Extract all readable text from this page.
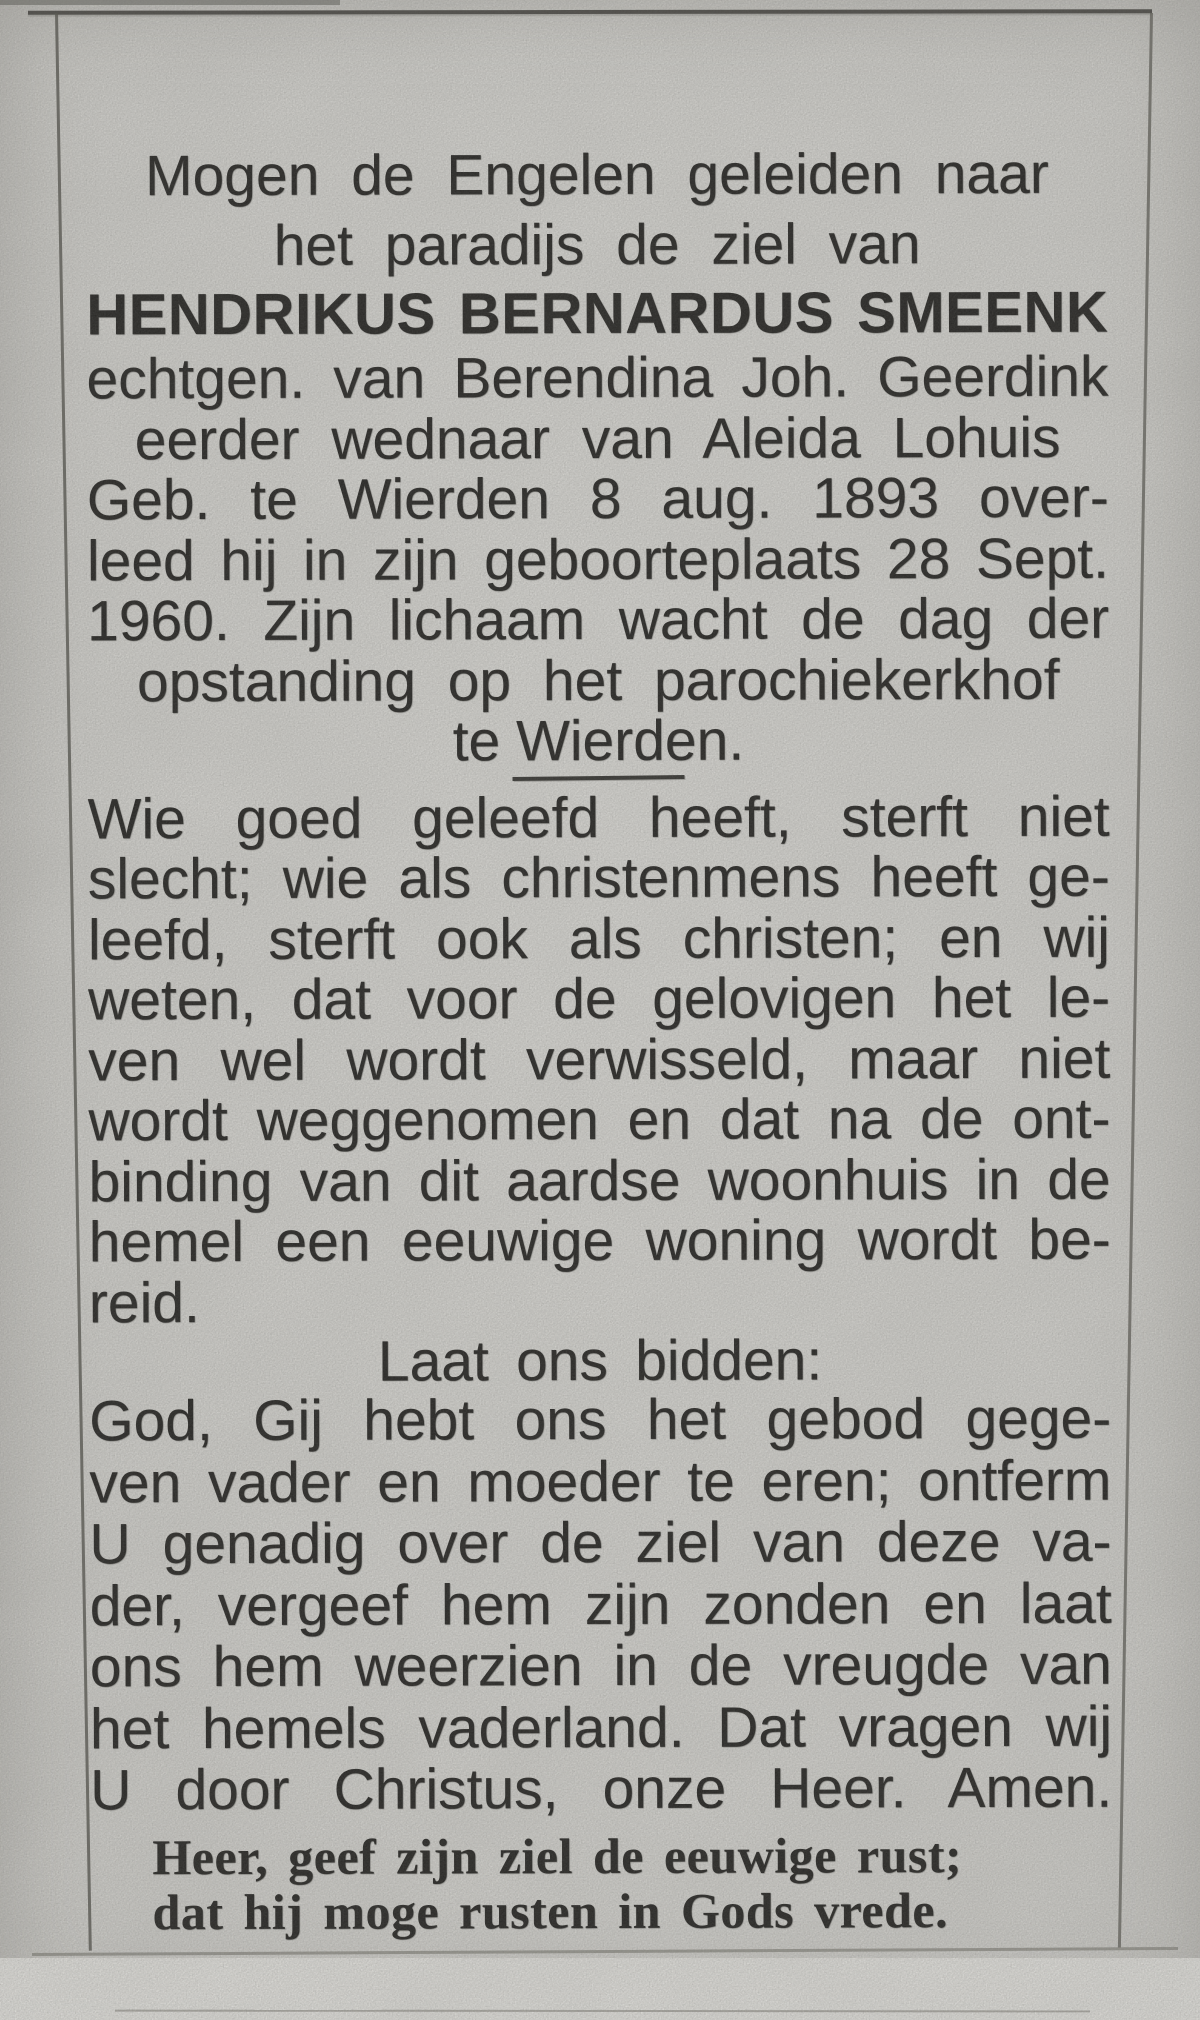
Mogen de Engelen geleiden naar
het paradijs de ziel van
HENDRIKUS BERNARDUS SMEENK
echtgen. van Berendina Joh. Geerdink
eerder wednaar van Aleida Lohuis
Geb. te Wierden 8 aug. 1893 over-
leed hij in zijn geboorteplaats 28 Sept.
1960. Zijn lichaam wacht de dag der
opstanding op het parochiekerkhof
te Wierden.
Wie goed geleefd heeft, sterft niet
slecht; wie als christenmens heeft ge-
leefd, sterft ook als christen; en wij
weten, dat voor de gelovigen het le-
ven wel wordt verwisseld, maar niet
wordt weggenomen en dat na de ont-
binding van dit aardse woonhuis in de
hemel een eeuwige woning wordt be-
reid.
Laat ons bidden:
God, Gij hebt ons het gebod gege-
ven vader en moeder te eren; ontferm
U genadig over de ziel van deze va-
der, vergeef hem zijn zonden en laat
ons hem weerzien in de vreugde van
het hemels vaderland. Dat vragen wij
U door Christus, onze Heer. Amen.
Heer, geef zijn ziel de eeuwige rust;
dat hij moge rusten in Gods vrede.
